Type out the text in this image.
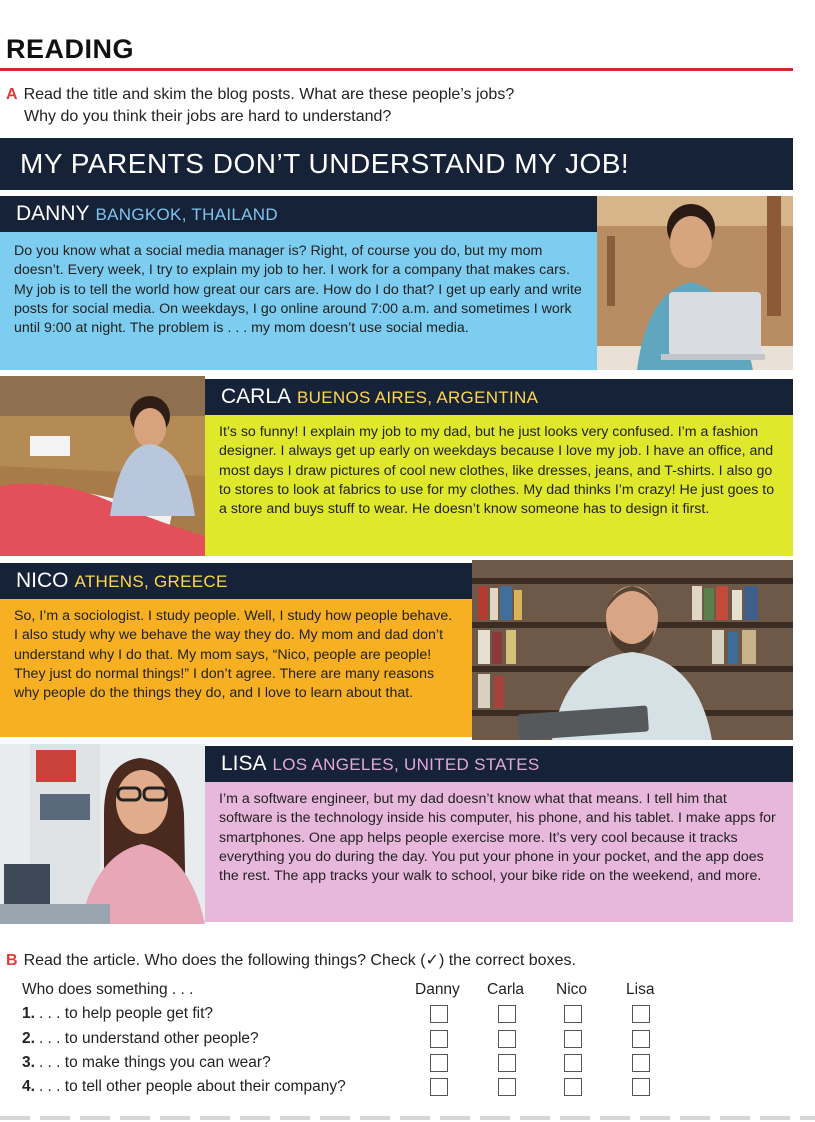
READING
A Read the title and skim the blog posts. What are these people’s jobs?
Why do you think their jobs are hard to understand?
MY PARENTS DON’T UNDERSTAND MY JOB!
DANNY BANGKOK, THAILAND
Do you know what a social media manager is? Right, of course you do, but my mom doesn’t. Every week, I try to explain my job to her. I work for a company that makes cars. My job is to tell the world how great our cars are. How do I do that? I get up early and write posts for social media. On weekdays, I go online around 7:00 a.m. and sometimes I work until 9:00 at night. The problem is . . . my mom doesn’t use social media.
CARLA BUENOS AIRES, ARGENTINA
It’s so funny! I explain my job to my dad, but he just looks very confused. I’m a fashion designer. I always get up early on weekdays because I love my job. I have an office, and most days I draw pictures of cool new clothes, like dresses, jeans, and T-shirts. I also go to stores to look at fabrics to use for my clothes. My dad thinks I’m crazy! He just goes to a store and buys stuff to wear. He doesn’t know someone has to design it first.
NICO ATHENS, GREECE
So, I’m a sociologist. I study people. Well, I study how people behave. I also study why we behave the way they do. My mom and dad don’t understand why I do that. My mom says, “Nico, people are people! They just do normal things!” I don’t agree. There are many reasons why people do the things they do, and I love to learn about that.
LISA LOS ANGELES, UNITED STATES
I’m a software engineer, but my dad doesn’t know what that means. I tell him that software is the technology inside his computer, his phone, and his tablet. I make apps for smartphones. One app helps people exercise more. It’s very cool because it tracks everything you do during the day. You put your phone in your pocket, and the app does the rest. The app tracks your walk to school, your bike ride on the weekend, and more.
B Read the article. Who does the following things? Check (✓) the correct boxes.
Who does something . . .	Danny Carla Nico	Lisa
1. . . . to help people get fit?
2. . . . to understand other people?
3. . . . to make things you can wear?
4. . . . to tell other people about their company?
